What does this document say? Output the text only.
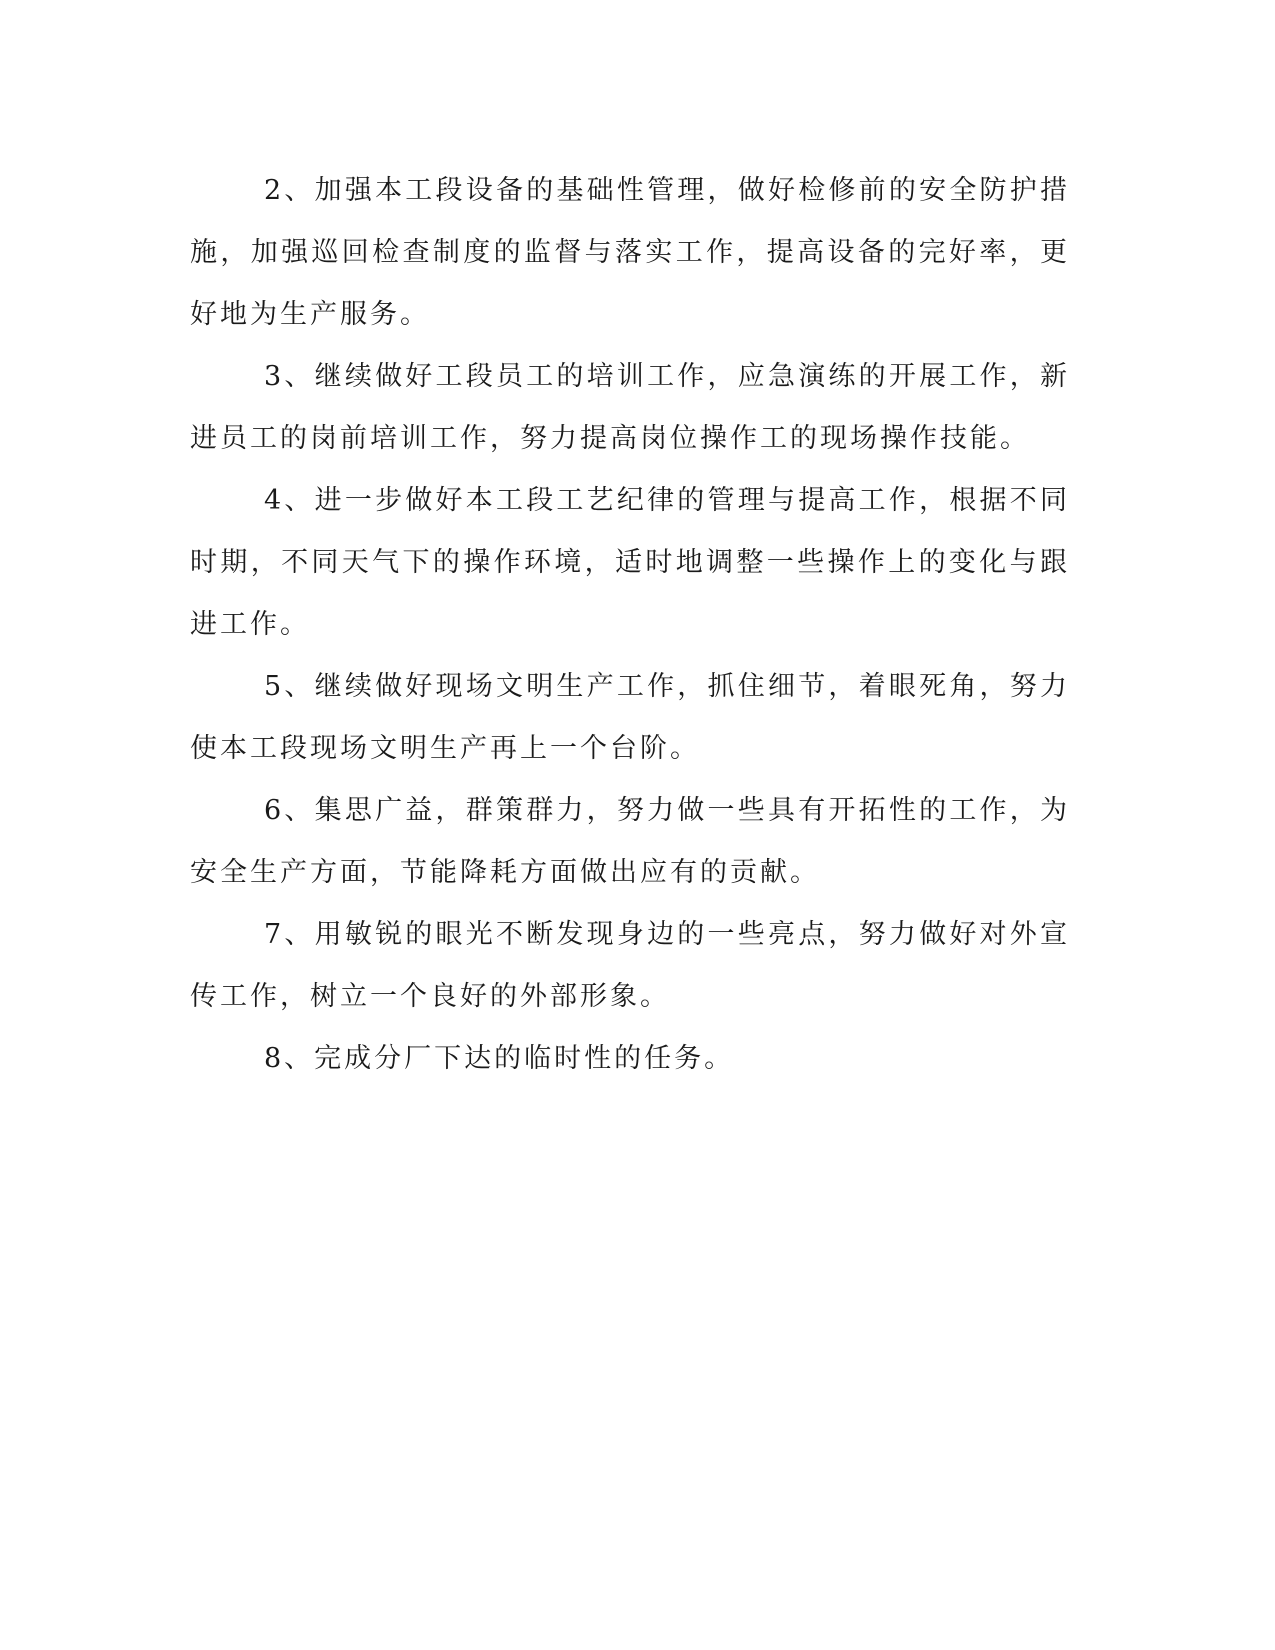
2、加强本工段设备的基础性管理，做好检修前的安全防护措施，加强巡回检查制度的监督与落实工作，提高设备的完好率，更好地为生产服务。

3、继续做好工段员工的培训工作，应急演练的开展工作，新进员工的岗前培训工作，努力提高岗位操作工的现场操作技能。

4、进一步做好本工段工艺纪律的管理与提高工作，根据不同时期，不同天气下的操作环境，适时地调整一些操作上的变化与跟进工作。

5、继续做好现场文明生产工作，抓住细节，着眼死角，努力使本工段现场文明生产再上一个台阶。

6、集思广益，群策群力，努力做一些具有开拓性的工作，为安全生产方面，节能降耗方面做出应有的贡献。

7、用敏锐的眼光不断发现身边的一些亮点，努力做好对外宣传工作，树立一个良好的外部形象。

8、完成分厂下达的临时性的任务。
